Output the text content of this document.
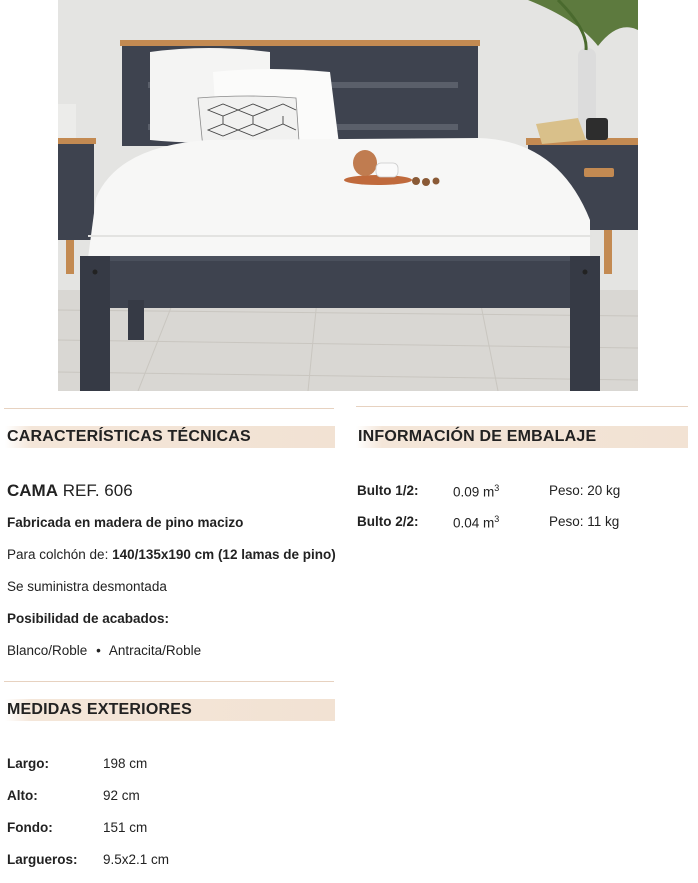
CARACTERÍSTICAS TÉCNICAS
CAMA REF. 606
Fabricada en madera de pino macizo
Para colchón de: 140/135x190 cm (12 lamas de pino)
Se suministra desmontada
Posibilidad de acabados:
Blanco/Roble • Antracita/Roble
INFORMACIÓN DE EMBALAJE
Bulto 1/2:	0.09 $m^3$	Peso: 20 kg
Bulto 2/2:	0.04 $m^3$	Peso: 11 kg
MEDIDAS EXTERIORES
Largo:	198 cm
Alto:	92 cm
Fondo:	151 cm
Largueros: 9.5x2.1 cm
